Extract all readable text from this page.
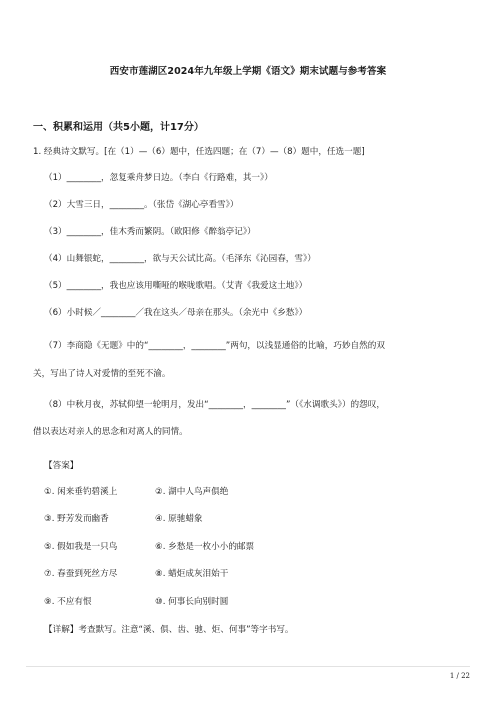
西安市莲湖区2024年九年级上学期《语文》期末试题与参考答案
一、积累和运用（共5小题，计17分）
1. 经典诗文默写。[在（1）—（6）题中，任选四题；在（7）—（8）题中，任选一题]
（1）________，忽复乘舟梦日边。（李白《行路难，其一》）
（2）大雪三日，________。（张岱《湖心亭看雪》）
（3）________，佳木秀而繁阴。（欧阳修《醉翁亭记》）
（4）山舞银蛇，________，欲与天公试比高。（毛泽东《沁园春，雪》）
（5）________，我也应该用嘶哑的喉咙歌唱。（艾青《我爱这土地》）
（6）小时候／________／我在这头／母亲在那头。（余光中《乡愁》）
（7）李商隐《无题》中的“________，________”两句，以浅显通俗的比喻，巧妙自然的双
关，写出了诗人对爱情的至死不渝。
（8）中秋月夜，苏轼仰望一轮明月，发出“________，________”（《水调歌头》）的怨叹，
借以表达对亲人的思念和对离人的同情。
【答案】
①. 闲来垂钓碧溪上	②. 湖中人鸟声俱绝
③. 野芳发而幽香	④. 原驰蜡象
⑤. 假如我是一只鸟	⑥. 乡愁是一枚小小的邮票
⑦. 春蚕到死丝方尽	⑧. 蜡炬成灰泪始干
⑨. 不应有恨	⑩. 何事长向别时圆
【详解】考查默写。注意“溪、俱、齿、驰、炬、何事”等字书写。
1 / 22
